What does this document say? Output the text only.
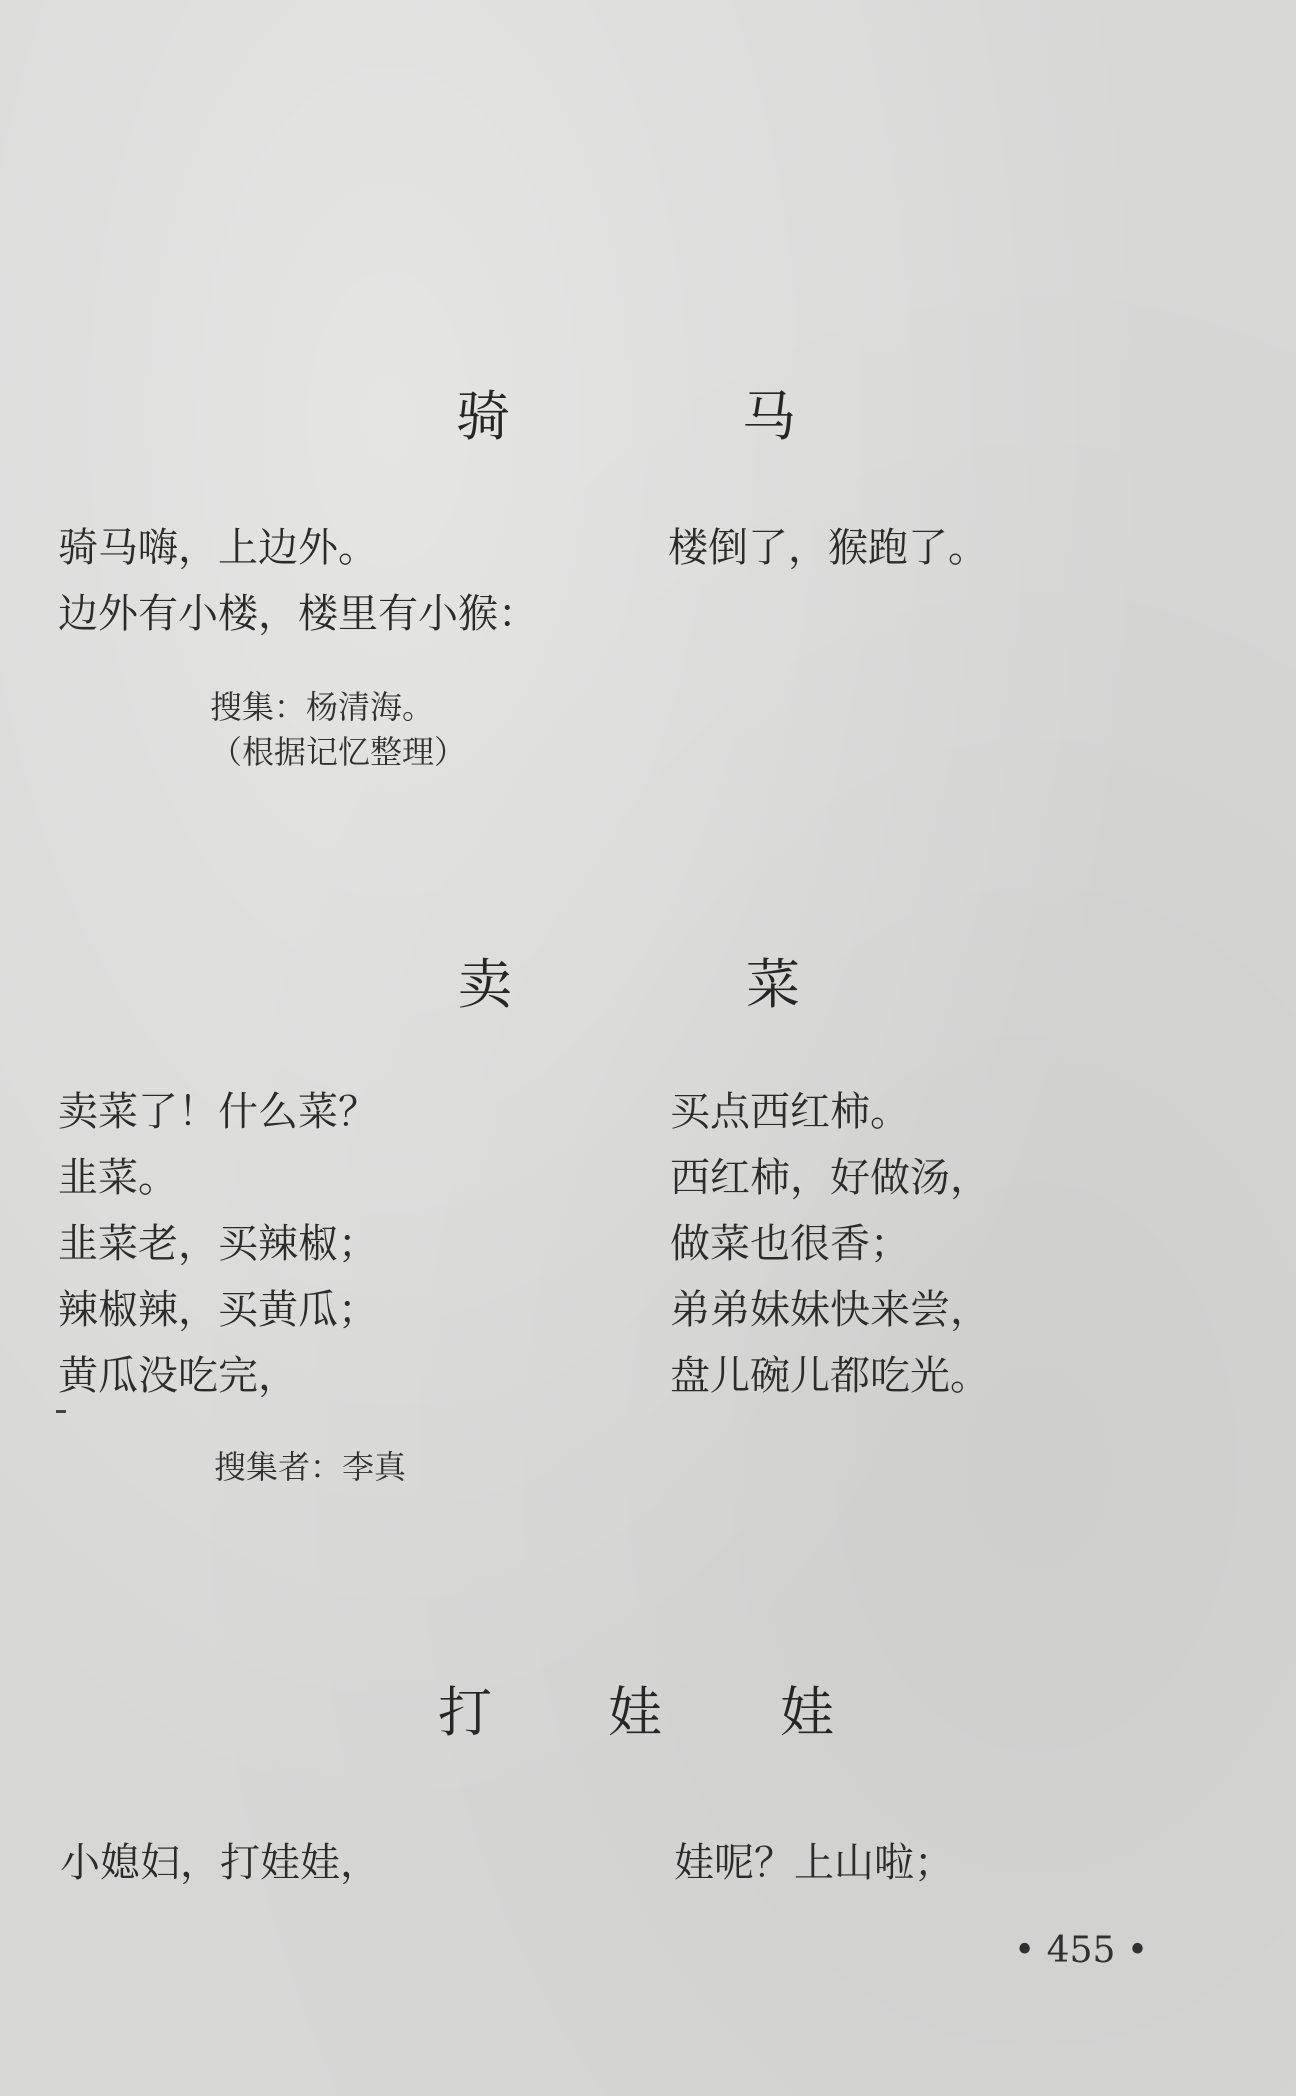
骑	马
骑马嗨，上边外。
边外有小楼，楼里有小猴：
楼倒了，猴跑了。
搜集：杨清海。
（根据记忆整理）
卖	菜
卖菜了！什么菜？
韭菜。
韭菜老，买辣椒；
辣椒辣，买黄瓜；
黄瓜没吃完，
买点西红柿。
西红柿，好做汤，
做菜也很香；
弟弟妹妹快来尝，
盘儿碗儿都吃光。
搜集者：李真
打 娃 娃
小媳妇，打娃娃，	娃呢？上山啦；
• 455 •
